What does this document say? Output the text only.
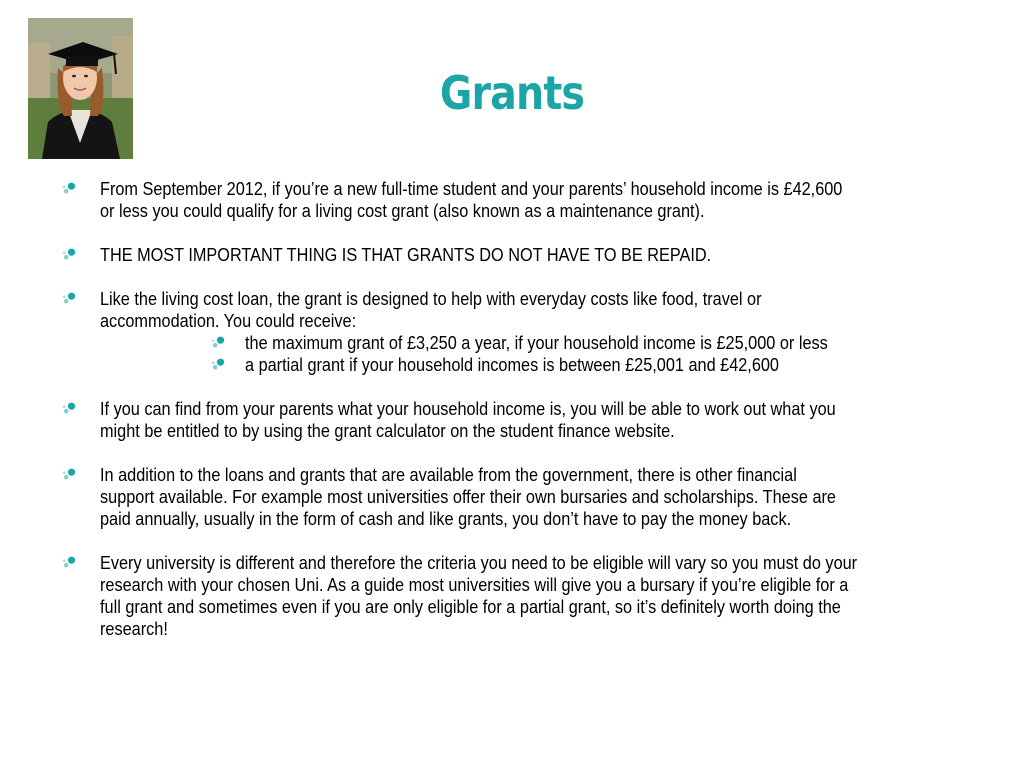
Grants
From September 2012, if you’re a new full-time student and your parents’ household income is £42,600
or less you could qualify for a living cost grant (also known as a maintenance grant).
THE MOST IMPORTANT THING IS THAT GRANTS DO NOT HAVE TO BE REPAID.
Like the living cost loan, the grant is designed to help with everyday costs like food, travel or
accommodation. You could receive:
the maximum grant of £3,250 a year, if your household income is £25,000 or less
a partial grant if your household incomes is between £25,001 and £42,600
If you can find from your parents what your household income is, you will be able to work out what you
might be entitled to by using the grant calculator on the student finance website.
In addition to the loans and grants that are available from the government, there is other financial
support available. For example most universities offer their own bursaries and scholarships. These are
paid annually, usually in the form of cash and like grants, you don’t have to pay the money back.
Every university is different and therefore the criteria you need to be eligible will vary so you must do your
research with your chosen Uni. As a guide most universities will give you a bursary if you’re eligible for a
full grant and sometimes even if you are only eligible for a partial grant, so it’s definitely worth doing the
research!
